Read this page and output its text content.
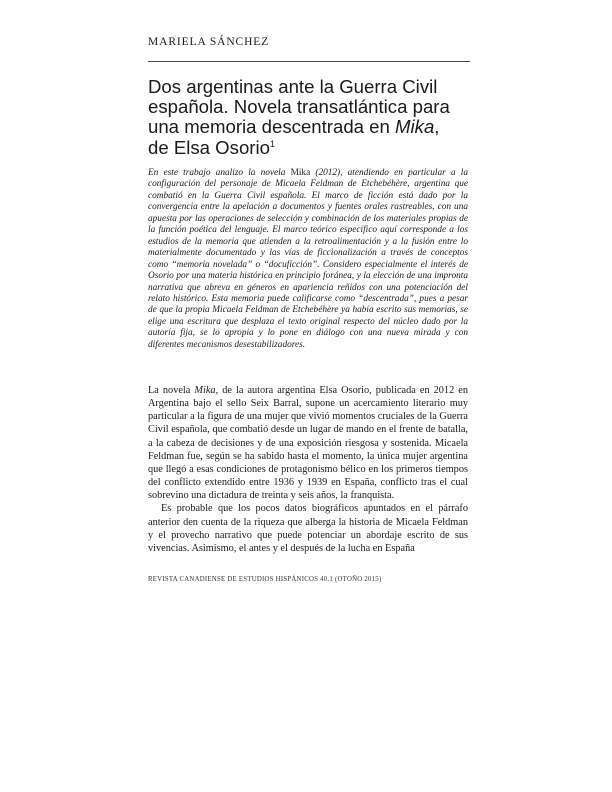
MARIELA SÁNCHEZ
Dos argentinas ante la Guerra Civil
española. Novela transatlántica para
una memoria descentrada en Mika,
de Elsa Osorio$^1$

En este trabajo analizo la novela Mika (2012), atendiendo en particular a la configuración del personaje de Micaela Feldman de Etchebéhère, argentina que combatió en la Guerra Civil española. El marco de ficción está dado por la convergencia entre la apelación a documentos y fuentes orales rastreables, con una apuesta por las operaciones de selección y combinación de los materiales propias de la función poética del lenguaje. El marco teórico específico aquí corresponde a los estudios de la memoria que atienden a la retroalimentación y a la fusión entre lo materialmente documentado y las vías de ficcionalización a través de conceptos como “memoria novelada” o “docuficción”. Considero especialmente el interés de Osorio por una materia histórica en principio foránea, y la elección de una impronta narrativa que abreva en géneros en apariencia reñidos con una potenciación del relato histórico. Esta memoria puede calificarse como “descentrada”, pues a pesar de que la propia Micaela Feldman de Etchebéhère ya había escrito sus memorias, se elige una escritura que desplaza el texto original respecto del núcleo dado por la autoría fija, se lo apropia y lo pone en diálogo con una nueva mirada y con diferentes mecanismos desestabilizadores.

La novela Mika, de la autora argentina Elsa Osorio, publicada en 2012 en Argentina bajo el sello Seix Barral, supone un acercamiento literario muy particular a la figura de una mujer que vivió momentos cruciales de la Guerra Civil española, que combatió desde un lugar de mando en el frente de batalla, a la cabeza de decisiones y de una exposición riesgosa y sostenida. Micaela Feldman fue, según se ha sabido hasta el momento, la única mujer argentina que llegó a esas condiciones de protagonismo bélico en los primeros tiempos del conflicto extendido entre 1936 y 1939 en España, conflicto tras el cual sobrevino una dictadura de treinta y seis años, la franquista.

Es probable que los pocos datos biográficos apuntados en el párrafo anterior den cuenta de la riqueza que alberga la historia de Micaela Feldman y el provecho narrativo que puede potenciar un abordaje escrito de sus vivencias. Asimismo, el antes y el después de la lucha en España

REVISTA CANADIENSE DE ESTUDIOS HISPÁNICOS 40.1 (OTOÑO 2015)
